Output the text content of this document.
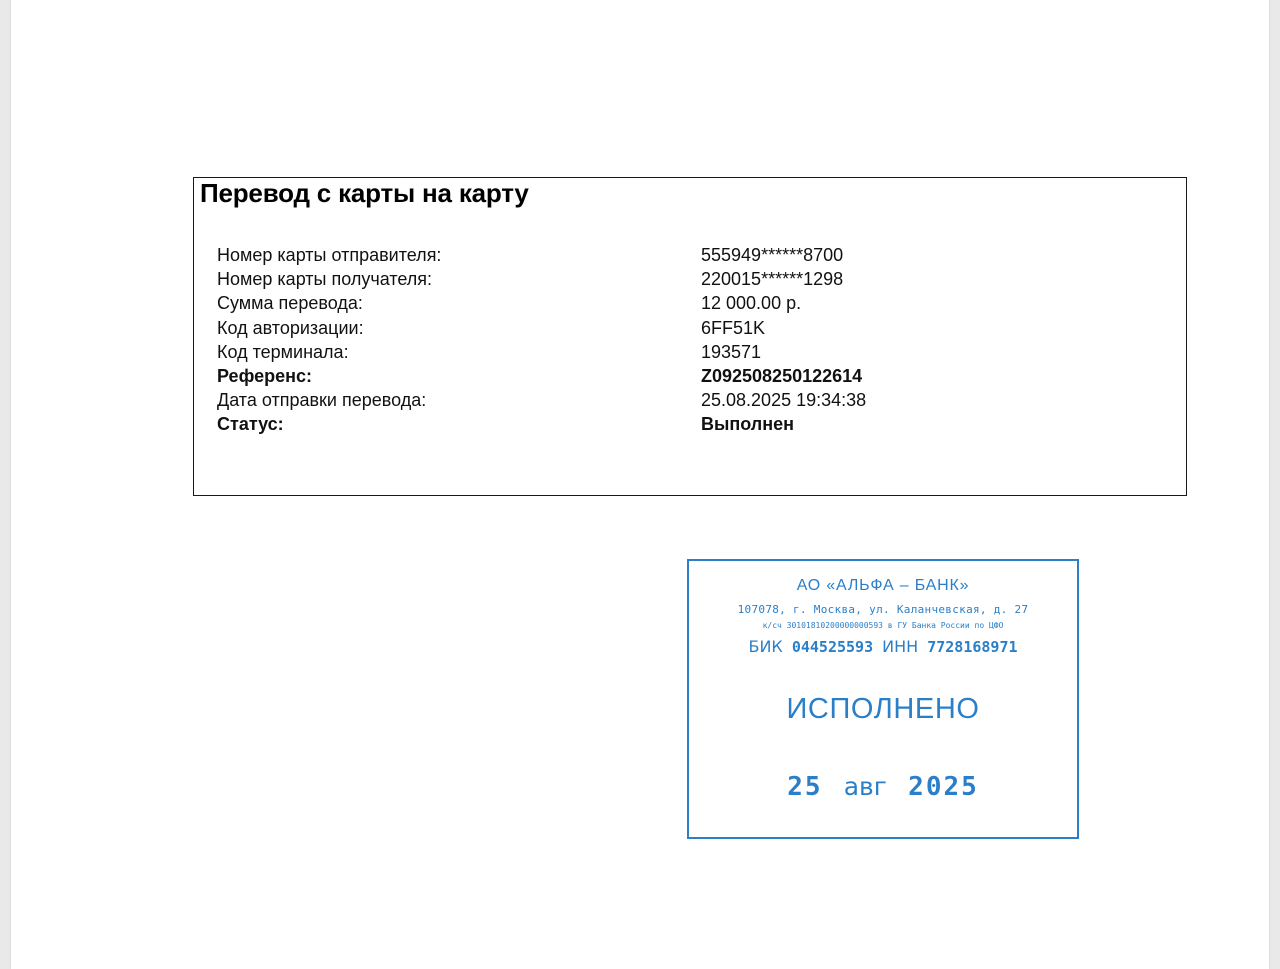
Перевод с карты на карту
Номер карты отправителя:	555949******8700
Номер карты получателя:	220015******1298
Сумма перевода:	12 000.00 р.
Код авторизации:	6FF51K
Код терминала:	193571
Референс:	Z092508250122614
Дата отправки перевода:	25.08.2025 19:34:38
Статус:	Выполнен
АО «АЛЬФА – БАНК»
107078, г. Москва, ул. Каланчевская, д. 27
к/сч 30101810200000000593 в ГУ Банка России по ЦФО
БИК 044525593 ИНН 7728168971
ИСПОЛНЕНО
25 авг 2025
